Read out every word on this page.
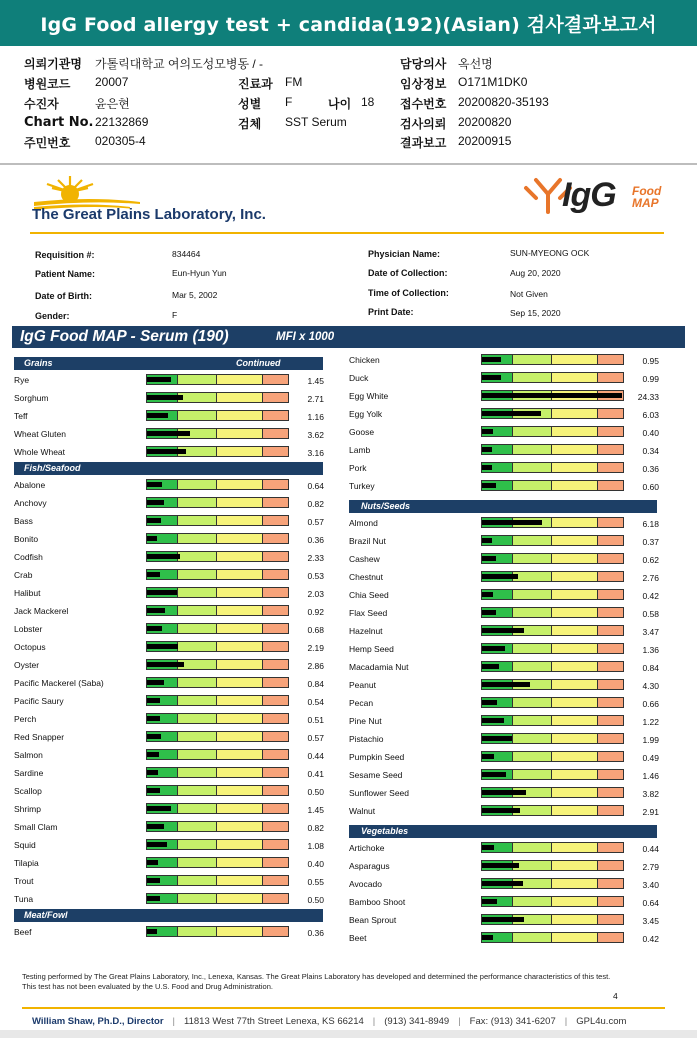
IgG Food allergy test + candida(192)(Asian) 검사결과보고서
의뢰기관명 가톨릭대학교 여의도성모병동 / -
병원코드 20007
수진자	윤은현
Chart No. 22132869
주민번호 020305-4
진료과 FM
성별 F	나이 18
검체 SST Serum
담당의사 옥선명
임상정보 O171M1DK0
접수번호 20200820-35193
검사의뢰 20200820
결과보고 20200915
The Great Plains Laboratory, Inc.
IgG Food
MAP
Requisition #:	834464
Patient Name:	Eun-Hyun Yun
Date of Birth:	Mar 5, 2002
Gender:	F
Physician Name:	SUN-MYEONG OCK
Date of Collection:	Aug 20, 2020
Time of Collection:	Not Given
Print Date:	Sep 15, 2020
IgG Food MAP - Serum (190)	MFI x 1000
Grains	Continued
Rye	1.45
Sorghum	2.71
Teff	1.16
Wheat Gluten	3.62
Whole Wheat	3.16
Fish/Seafood
Abalone	0.64
Anchovy	0.82
Bass	0.57
Bonito	0.36
Codfish	2.33
Crab	0.53
Halibut	2.03
Jack Mackerel	0.92
Lobster	0.68
Octopus	2.19
Oyster	2.86
Pacific Mackerel (Saba)	0.84
Pacific Saury	0.54
Perch	0.51
Red Snapper	0.57
Salmon	0.44
Sardine	0.41
Scallop	0.50
Shrimp	1.45
Small Clam	0.82
Squid	1.08
Tilapia	0.40
Trout	0.55
Tuna	0.50
Meat/Fowl
Beef	0.36
Chicken	0.95
Duck	0.99
Egg White	24.33
Egg Yolk	6.03
Goose	0.40
Lamb	0.34
Pork	0.36
Turkey	0.60
Nuts/Seeds
Almond	6.18
Brazil Nut	0.37
Cashew	0.62
Chestnut	2.76
Chia Seed	0.42
Flax Seed	0.58
Hazelnut	3.47
Hemp Seed	1.36
Macadamia Nut	0.84
Peanut	4.30
Pecan	0.66
Pine Nut	1.22
Pistachio	1.99
Pumpkin Seed	0.49
Sesame Seed	1.46
Sunflower Seed	3.82
Walnut	2.91
Vegetables
Artichoke	0.44
Asparagus	2.79
Avocado	3.40
Bamboo Shoot	0.64
Bean Sprout	3.45
Beet	0.42
Testing performed by The Great Plains Laboratory, Inc., Lenexa, Kansas. The Great Plains Laboratory has developed and determined the performance characteristics of this test. This test has not been evaluated by the U.S. Food and Drug Administration.
4
William Shaw, Ph.D., Director | 11813 West 77th Street Lenexa, KS 66214 | (913) 341-8949 | Fax: (913) 341-6207 | GPL4u.com
